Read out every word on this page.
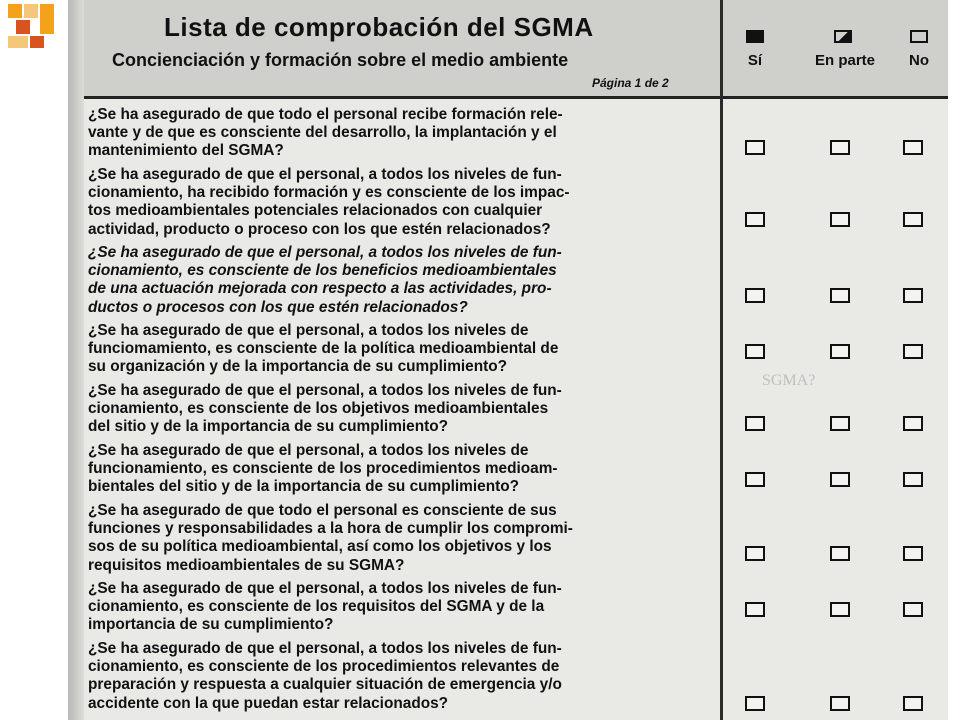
Lista de comprobación del SGMA
Concienciación y formación sobre el medio ambiente
Página 1 de 2
Sí	En parte	No
SGMA?
¿Se ha asegurado de que todo el personal recibe formación rele-
vante y de que es consciente del desarrollo, la implantación y el
mantenimiento del SGMA?
¿Se ha asegurado de que el personal, a todos los niveles de fun-
cionamiento, ha recibido formación y es consciente de los impac-
tos medioambientales potenciales relacionados con cualquier
actividad, producto o proceso con los que estén relacionados?
¿Se ha asegurado de que el personal, a todos los niveles de fun-
cionamiento, es consciente de los beneficios medioambientales
de una actuación mejorada con respecto a las actividades, pro-
ductos o procesos con los que estén relacionados?
¿Se ha asegurado de que el personal, a todos los niveles de
funciomamiento, es consciente de la política medioambiental de
su organización y de la importancia de su cumplimiento?
¿Se ha asegurado de que el personal, a todos los niveles de fun-
cionamiento, es consciente de los objetivos medioambientales
del sitio y de la importancia de su cumplimiento?
¿Se ha asegurado de que el personal, a todos los niveles de
funcionamiento, es consciente de los procedimientos medioam-
bientales del sitio y de la importancia de su cumplimiento?
¿Se ha asegurado de que todo el personal es consciente de sus
funciones y responsabilidades a la hora de cumplir los compromi-
sos de su política medioambiental, así como los objetivos y los
requisitos medioambientales de su SGMA?
¿Se ha asegurado de que el personal, a todos los niveles de fun-
cionamiento, es consciente de los requisitos del SGMA y de la
importancia de su cumplimiento?
¿Se ha asegurado de que el personal, a todos los niveles de fun-
cionamiento, es consciente de los procedimientos relevantes de
preparación y respuesta a cualquier situación de emergencia y/o
accidente con la que puedan estar relacionados?
